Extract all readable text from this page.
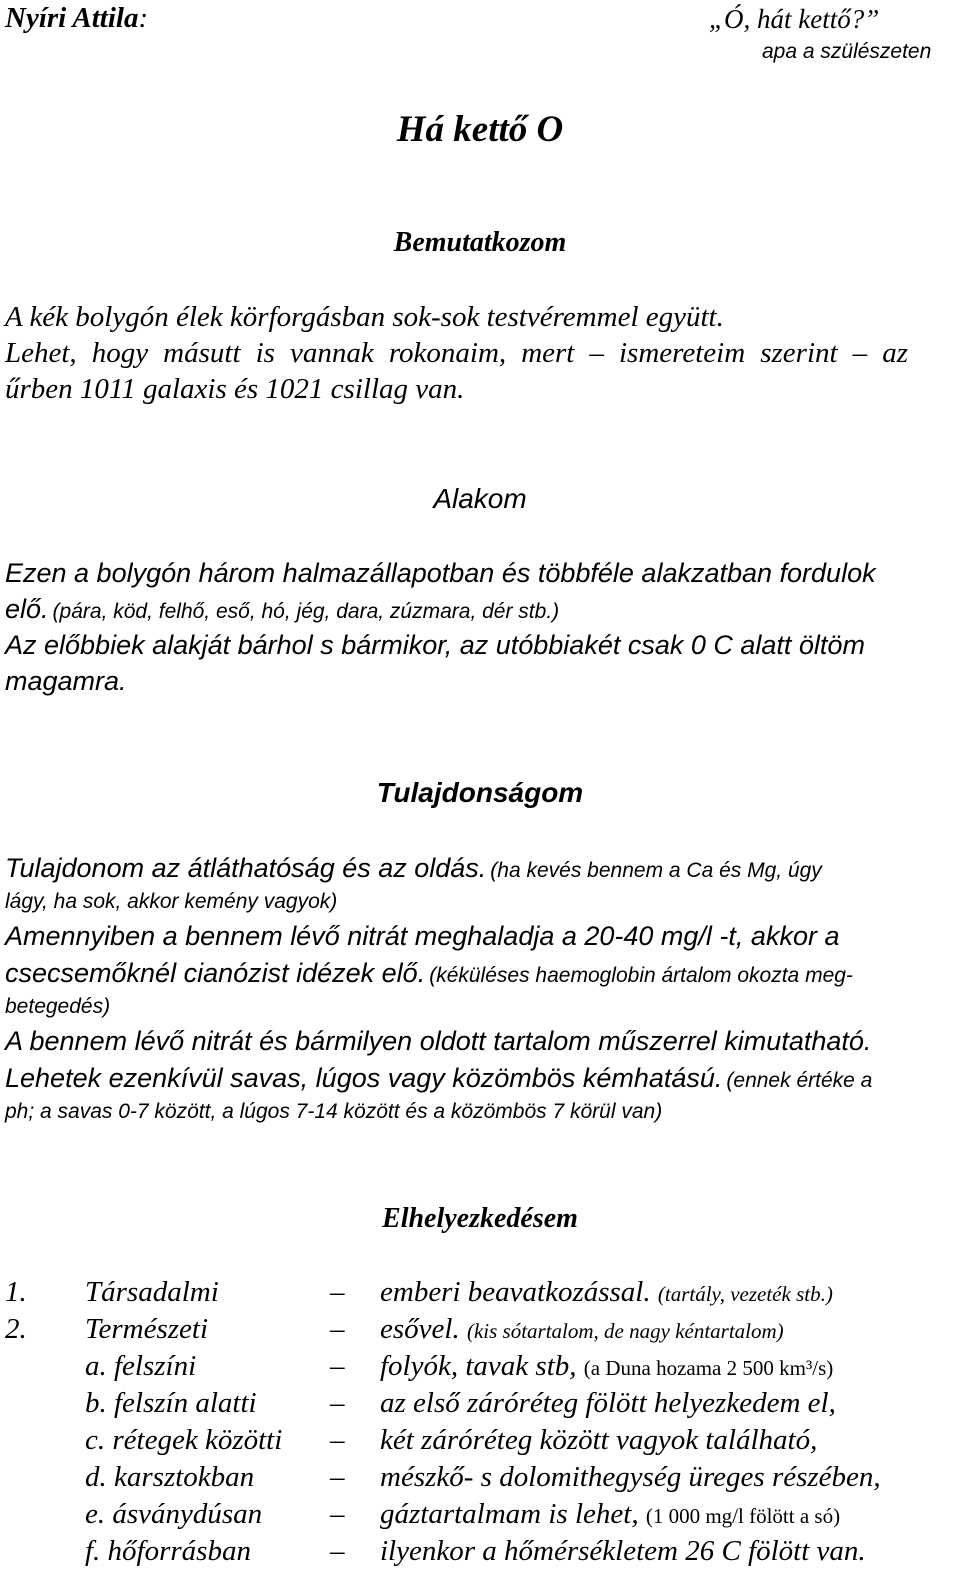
Nyíri Attila:	„Ó, hát kettő?”
apa a szülészeten
Há kettő O
Bemutatkozom
A kék bolygón élek körforgásban sok-sok testvéremmel együtt.
Lehet, hogy másutt is vannak rokonaim, mert – ismereteim szerint – az
űrben 1011 galaxis és 1021 csillag van.
Alakom
Ezen a bolygón három halmazállapotban és többféle alakzatban fordulok
elő. (pára, köd, felhő, eső, hó, jég, dara, zúzmara, dér stb.)
Az előbbiek alakját bárhol s bármikor, az utóbbiakét csak 0 C alatt öltöm
magamra.
Tulajdonságom
Tulajdonom az átláthatóság és az oldás. (ha kevés bennem a Ca és Mg, úgy
lágy, ha sok, akkor kemény vagyok)
Amennyiben a bennem lévő nitrát meghaladja a 20-40 mg/l -t, akkor a
csecsemőknél cianózist idézek elő. (kéküléses haemoglobin ártalom okozta meg-
betegedés)
A bennem lévő nitrát és bármilyen oldott tartalom műszerrel kimutatható.
Lehetek ezenkívül savas, lúgos vagy közömbös kémhatású. (ennek értéke a
ph; a savas 0-7 között, a lúgos 7-14 között és a közömbös 7 körül van)
Elhelyezkedésem
1. Társadalmi	– emberi beavatkozással. (tartály, vezeték stb.)
2. Természeti	– esővel. (kis sótartalom, de nagy kéntartalom)
a. felszíni	– folyók, tavak stb, (a Duna hozama 2 500 km³/s)
b. felszín alatti	– az első záróréteg fölött helyezkedem el,
c. rétegek közötti – két záróréteg között vagyok található,
d. karsztokban	– mészkő- s dolomithegység üreges részében,
e. ásványdúsan – gáztartalmam is lehet, (1 000 mg/l fölött a só)
f. hőforrásban	– ilyenkor a hőmérsékletem 26 C fölött van.
